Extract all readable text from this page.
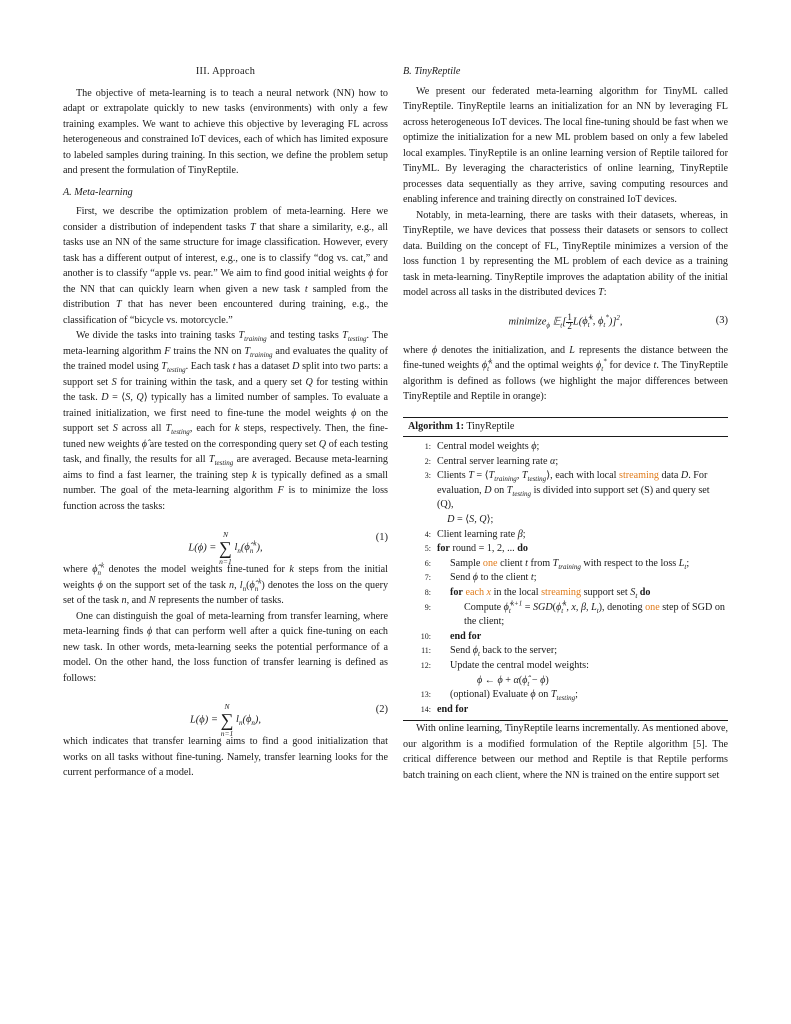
III. Approach

The objective of meta-learning is to teach a neural network (NN) how to adapt or extrapolate quickly to new tasks (environments) with only a few training examples. We want to achieve this objective by leveraging FL across heterogeneous and constrained IoT devices, each of which has limited exposure to labeled samples during training. In this section, we define the problem setup and present the formulation of TinyReptile.

A. Meta-learning

First, we describe the optimization problem of meta-learning. Here we consider a distribution of independent tasks T that share a similarity, e.g., all tasks use an NN of the same structure for image classification. However, every task has a different output of interest, e.g., one is to classify “dog vs. cat,” and another is to classify “apple vs. pear.” We aim to find good initial weights ϕ for the NN that can quickly learn when given a new task t sampled from the distribution T that has never been encountered during training, e.g., the classification of “bicycle vs. motorcycle.”

We divide the tasks into training tasks $T_{training}$ and testing tasks $T_{testing}$. The meta-learning algorithm F trains the NN on $T_{training}$ and evaluates the quality of the trained model using $T_{testing}$. Each task t has a dataset D split into two parts: a support set S for training within the task, and a query set Q for testing within the task. D = ⟨S, Q⟩ typically has a limited number of samples. To evaluate a trained initialization, we first need to fine-tune the model weights ϕ on the support set S across all $T_{testing}$, each for k steps, respectively. Then, the fine-tuned new weights ϕ̂ are tested on the corresponding query set Q of each testing task, and finally, the results for all $T_{testing}$ are averaged. Because meta-learning aims to find a fast learner, the training step k is typically defined as a small number. The goal of the meta-learning algorithm F is to minimize the loss function across the tasks:

L(ϕ) = N
∑
n=1 $l_n(\phî_n^k)$,
(1)

where $\phî_n^k$ denotes the model weights fine-tuned for k steps from the initial weights ϕ on the support set of the task n, $l_n(\phî_n^k)$ denotes the loss on the query set of the task n, and N represents the number of tasks.

One can distinguish the goal of meta-learning from transfer learning, where meta-learning finds ϕ that can perform well after a quick fine-tuning on each new task. In other words, meta-learning seeks the potential performance of a model. On the other hand, the loss function of transfer learning is defined as follows:

L(ϕ) = N
∑
n=1 $l_n(\phi_n)$,
(2)

which indicates that transfer learning aims to find a good initialization that works on all tasks without fine-tuning. Namely, transfer learning looks for the current performance of a model.

B. TinyReptile

We present our federated meta-learning algorithm for TinyML called TinyReptile. TinyReptile learns an initialization for an NN by leveraging FL across heterogeneous IoT devices. The local fine-tuning should be fast when we optimize the initialization for a new ML problem based on only a few labeled local examples. TinyReptile is an online learning version of Reptile tailored for TinyML. By leveraging the characteristics of online learning, TinyReptile processes data sequentially as they arrive, saving computing resources and enabling inference and training directly on constrained IoT devices.

Notably, in meta-learning, there are tasks with their datasets, whereas, in TinyReptile, we have devices that possess their datasets or sensors to collect data. Building on the concept of FL, TinyReptile minimizes a version of the loss function 1 by representing the ML problem of each device as a training task in meta-learning. TinyReptile improves the adaptation ability of the initial model across all tasks in the distributed devices T:

minimize$_\phi$ 𝔼$_t$[1
$2L(\phî_t^k$, $\phi_t^*)]^2$,	(3)

where ϕ denotes the initialization, and L represents the distance between the fine-tuned weights $\phî_t^k$ and the optimal weights $\phi_t^*$ for device t. The TinyReptile algorithm is defined as follows (we highlight the major differences between TinyReptile and Reptile in orange):

Algorithm 1: TinyReptile
1: Central model weights ϕ;
2: Central server learning rate α;
3: Clients $T = ⟨T_{training}$, $T_{testing}⟩$, each with local streaming data D. For evaluation, D on $T_{testing}$ is divided into support set (S) and query set (Q),
D = ⟨S, Q⟩;
4: Client learning rate β;
5: for round = 1, 2, ... do
6: Sample one client t from $T_{training}$ with respect to the loss $L_t$;
7: Send ϕ to the client t;
8: for each x in the local streaming support set $S_t$ do
9:	Compute $\phî_t^{k+1}$ = $SGD(\phî_t^k$, x, β, $L_t$), denoting one step of SGD on the client;
10: end for
11: Send $\phi_t$ back to the server;
12: Update the central model weights:
ϕ ← $\phi + \alpha(\phî_t - \phi)$
13: (optional) Evaluate ϕ on $T_{testing}$;
14: end for

With online learning, TinyReptile learns incrementally. As mentioned above, our algorithm is a modified formulation of the Reptile algorithm [5]. The critical difference between our method and Reptile is that Reptile performs batch training on each client, where the NN is trained on the entire support set
